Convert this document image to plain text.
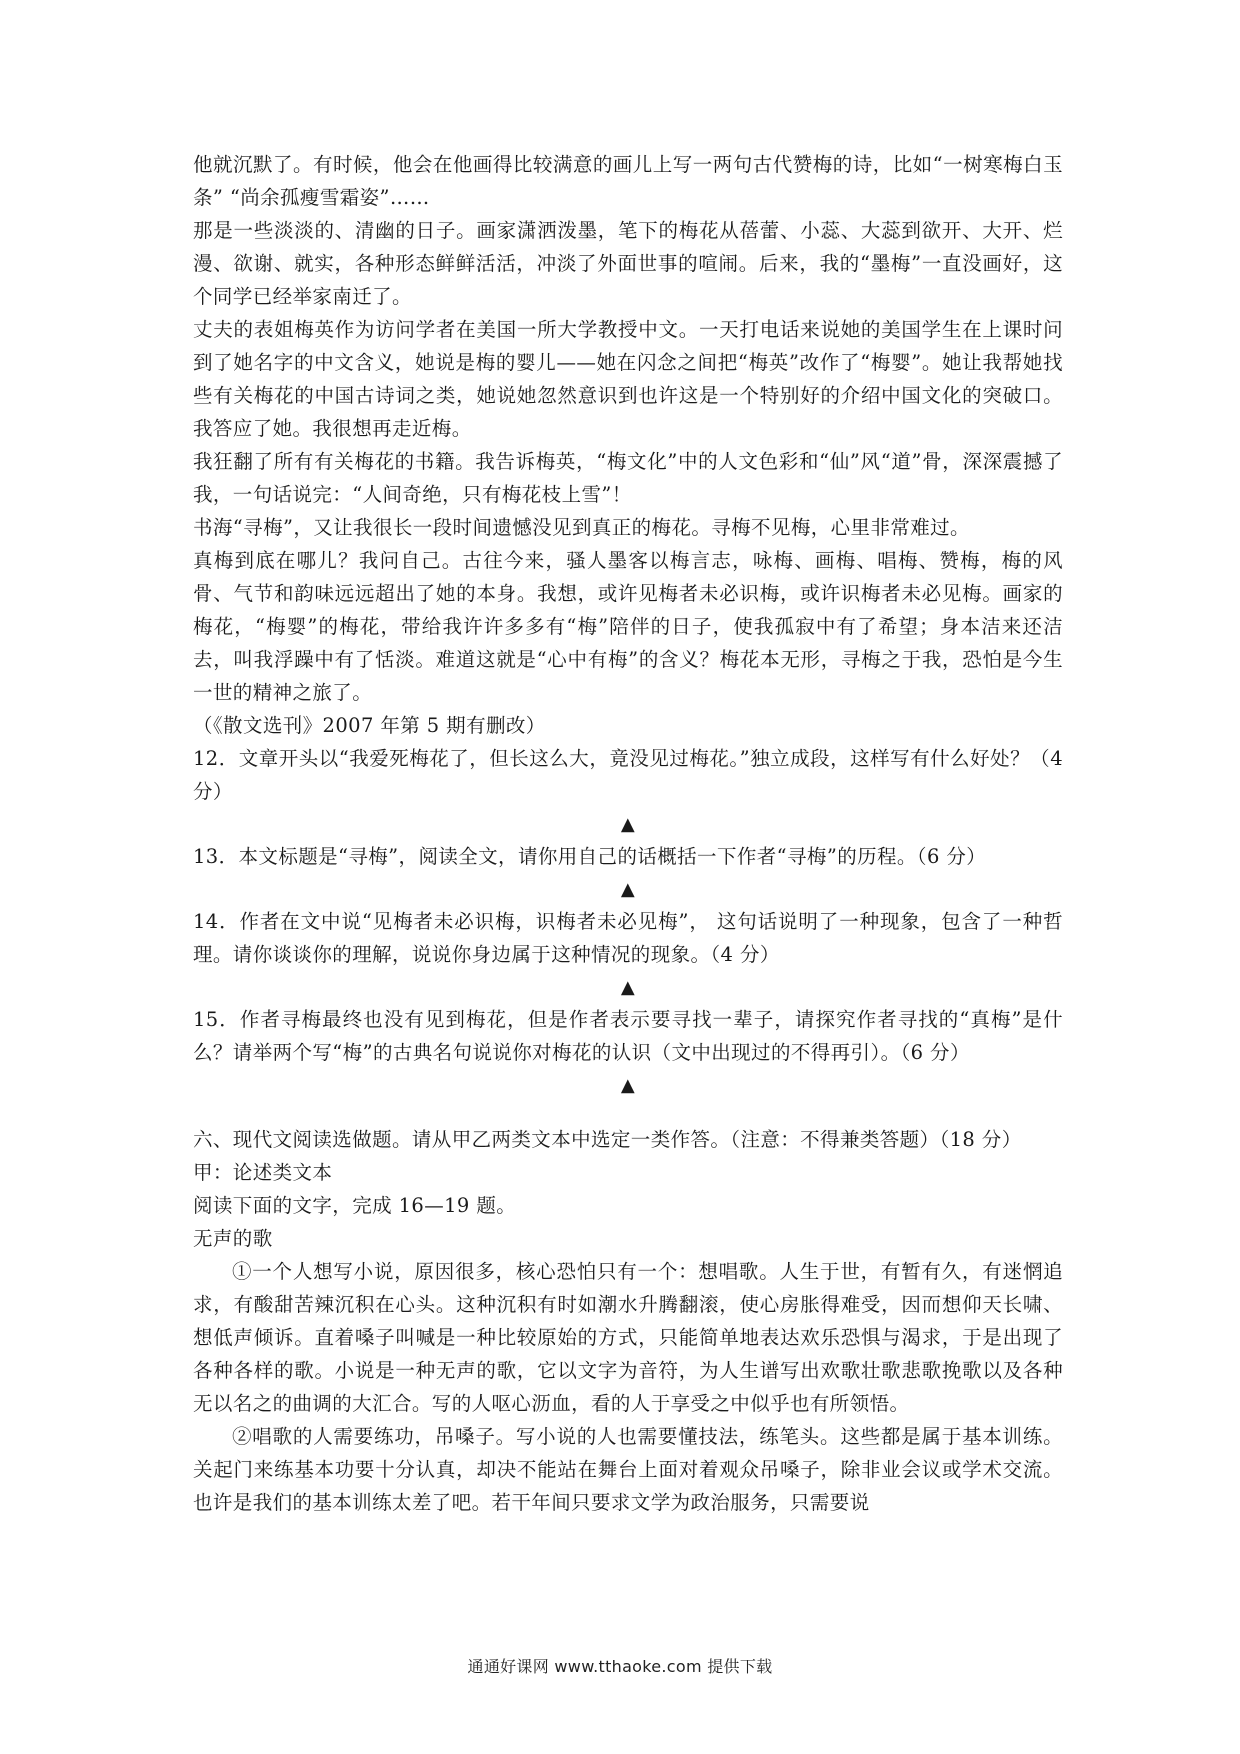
他就沉默了。有时候，他会在他画得比较满意的画儿上写一两句古代赞梅的诗，比如“一树寒梅白玉条” “尚余孤瘦雪霜姿”……

那是一些淡淡的、清幽的日子。画家潇洒泼墨，笔下的梅花从蓓蕾、小蕊、大蕊到欲开、大开、烂漫、欲谢、就实，各种形态鲜鲜活活，冲淡了外面世事的喧闹。后来，我的“墨梅”一直没画好，这个同学已经举家南迁了。

丈夫的表姐梅英作为访问学者在美国一所大学教授中文。一天打电话来说她的美国学生在上课时问到了她名字的中文含义，她说是梅的婴儿——她在闪念之间把“梅英”改作了“梅婴”。她让我帮她找些有关梅花的中国古诗词之类，她说她忽然意识到也许这是一个特别好的介绍中国文化的突破口。我答应了她。我很想再走近梅。

我狂翻了所有有关梅花的书籍。我告诉梅英，“梅文化”中的人文色彩和“仙”风“道”骨，深深震撼了我，一句话说完：“人间奇绝，只有梅花枝上雪”！

书海“寻梅”，又让我很长一段时间遗憾没见到真正的梅花。寻梅不见梅，心里非常难过。

真梅到底在哪儿？我问自己。古往今来，骚人墨客以梅言志，咏梅、画梅、唱梅、赞梅，梅的风骨、气节和韵味远远超出了她的本身。我想，或许见梅者未必识梅，或许识梅者未必见梅。画家的梅花，“梅婴”的梅花，带给我许许多多有“梅”陪伴的日子，使我孤寂中有了希望；身本洁来还洁去，叫我浮躁中有了恬淡。难道这就是“心中有梅”的含义？梅花本无形，寻梅之于我，恐怕是今生一世的精神之旅了。

（《散文选刊》2007 年第 5 期有删改）

12．文章开头以“我爱死梅花了，但长这么大，竟没见过梅花。”独立成段，这样写有什么好处？（4 分）

▲

13．本文标题是“寻梅”，阅读全文，请你用自己的话概括一下作者“寻梅”的历程。（6 分）

▲

14．作者在文中说“见梅者未必识梅，识梅者未必见梅”， 这句话说明了一种现象，包含了一种哲理。请你谈谈你的理解，说说你身边属于这种情况的现象。（4 分）

▲

15．作者寻梅最终也没有见到梅花，但是作者表示要寻找一辈子，请探究作者寻找的“真梅”是什么？请举两个写“梅”的古典名句说说你对梅花的认识（文中出现过的不得再引）。（6 分）

▲

六、现代文阅读选做题。请从甲乙两类文本中选定一类作答。（注意：不得兼类答题）（18 分）

甲：论述类文本

阅读下面的文字，完成 16—19 题。

无声的歌

①一个人想写小说，原因很多，核心恐怕只有一个：想唱歌。人生于世，有暂有久，有迷惘追求，有酸甜苦辣沉积在心头。这种沉积有时如潮水升腾翻滚，使心房胀得难受，因而想仰天长啸、想低声倾诉。直着嗓子叫喊是一种比较原始的方式，只能简单地表达欢乐恐惧与渴求，于是出现了各种各样的歌。小说是一种无声的歌，它以文字为音符，为人生谱写出欢歌壮歌悲歌挽歌以及各种无以名之的曲调的大汇合。写的人呕心沥血，看的人于享受之中似乎也有所领悟。

②唱歌的人需要练功，吊嗓子。写小说的人也需要懂技法，练笔头。这些都是属于基本训练。关起门来练基本功要十分认真，却决不能站在舞台上面对着观众吊嗓子，除非业会议或学术交流。也许是我们的基本训练太差了吧。若干年间只要求文学为政治服务，只需要说

通通好课网 www.tthaoke.com 提供下载
